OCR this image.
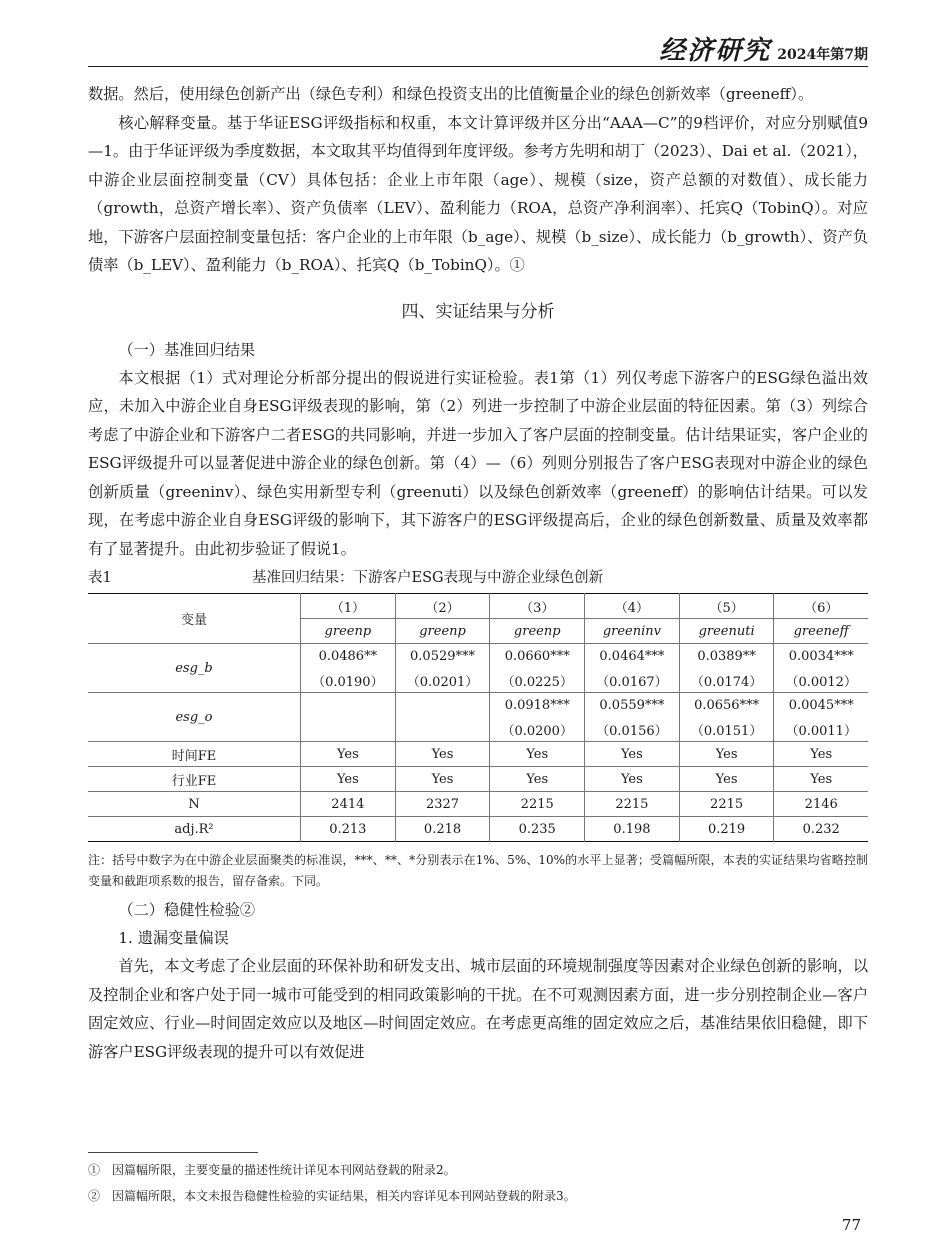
经济研究 2024年第7期

数据。然后，使用绿色创新产出（绿色专利）和绿色投资支出的比值衡量企业的绿色创新效率（greeneff）。

核心解释变量。基于华证ESG评级指标和权重，本文计算评级并区分出“AAA—C”的9档评价，对应分别赋值9—1。由于华证评级为季度数据，本文取其平均值得到年度评级。参考方先明和胡丁（2023）、Dai et al.（2021），中游企业层面控制变量（CV）具体包括：企业上市年限（age）、规模（size，资产总额的对数值）、成长能力（growth，总资产增长率）、资产负债率（LEV）、盈利能力（ROA，总资产净利润率）、托宾Q（TobinQ）。对应地，下游客户层面控制变量包括：客户企业的上市年限（b_age）、规模（b_size）、成长能力（b_growth）、资产负债率（b_LEV）、盈利能力（b_ROA）、托宾Q（b_TobinQ）。①

四、实证结果与分析
（一）基准回归结果

本文根据（1）式对理论分析部分提出的假说进行实证检验。表1第（1）列仅考虑下游客户的ESG绿色溢出效应，未加入中游企业自身ESG评级表现的影响，第（2）列进一步控制了中游企业层面的特征因素。第（3）列综合考虑了中游企业和下游客户二者ESG的共同影响，并进一步加入了客户层面的控制变量。估计结果证实，客户企业的ESG评级提升可以显著促进中游企业的绿色创新。第（4）—（6）列则分别报告了客户ESG表现对中游企业的绿色创新质量（greeninv）、绿色实用新型专利（greenuti）以及绿色创新效率（greeneff）的影响估计结果。可以发现，在考虑中游企业自身ESG评级的影响下，其下游客户的ESG评级提高后，企业的绿色创新数量、质量及效率都有了显著提升。由此初步验证了假说1。

表1	基准回归结果：下游客户ESG表现与中游企业绿色创新
变量	（1）	（2）	（3）	（4）	（5）	（6）
	greenp	greenp	greenp	greeninv	greenuti	greeneff
esg_b	0.0486**	0.0529***	0.0660***	0.0464***	0.0389**	0.0034***
	（0.0190）	（0.0201）	（0.0225）	（0.0167）	（0.0174）	（0.0012）
esg_o			0.0918***	0.0559***	0.0656***	0.0045***
			（0.0200）	（0.0156）	（0.0151）	（0.0011）
时间FE	Yes	Yes	Yes	Yes	Yes	Yes
行业FE	Yes	Yes	Yes	Yes	Yes	Yes
N	2414	2327	2215	2215	2215	2146
adj.R²	0.213	0.218	0.235	0.198	0.219	0.232

注：括号中数字为在中游企业层面聚类的标准误，***、**、*分别表示在1%、5%、10%的水平上显著；受篇幅所限，本表的实证结果均省略控制变量和截距项系数的报告，留存备索。下同。

（二）稳健性检验②
1. 遗漏变量偏误

首先，本文考虑了企业层面的环保补助和研发支出、城市层面的环境规制强度等因素对企业绿色创新的影响，以及控制企业和客户处于同一城市可能受到的相同政策影响的干扰。在不可观测因素方面，进一步分别控制企业—客户固定效应、行业—时间固定效应以及地区—时间固定效应。在考虑更高维的固定效应之后，基准结果依旧稳健，即下游客户ESG评级表现的提升可以有效促进

①　因篇幅所限，主要变量的描述性统计详见本刊网站登载的附录2。
②　因篇幅所限，本文未报告稳健性检验的实证结果，相关内容详见本刊网站登载的附录3。
77
